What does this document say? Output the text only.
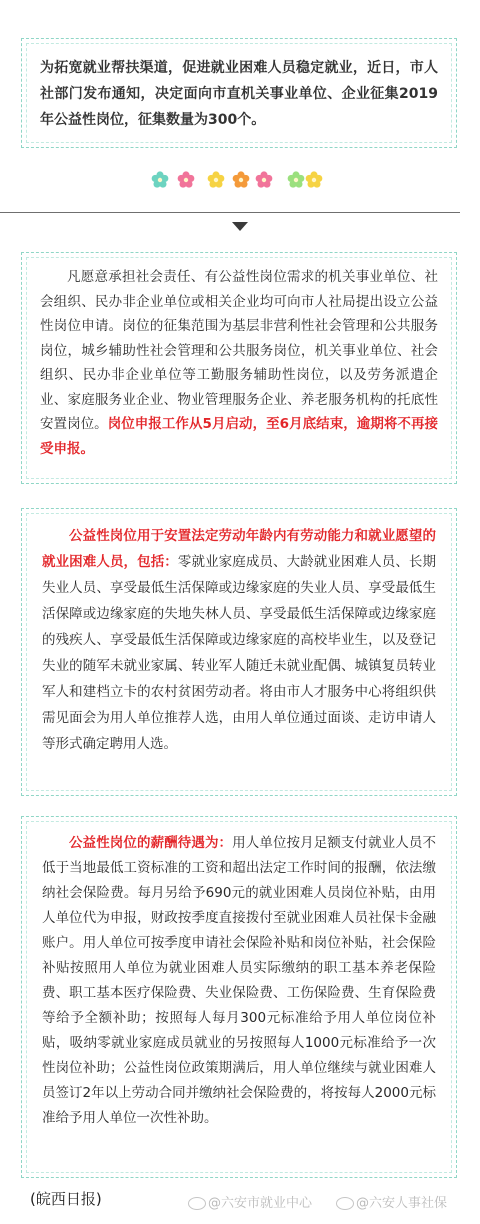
为拓宽就业帮扶渠道，促进就业困难人员稳定就业，近日，市人社部门发布通知，决定面向市直机关事业单位、企业征集2019年公益性岗位，征集数量为300个。

凡愿意承担社会责任、有公益性岗位需求的机关事业单位、社会组织、民办非企业单位或相关企业均可向市人社局提出设立公益性岗位申请。岗位的征集范围为基层非营利性社会管理和公共服务岗位，城乡辅助性社会管理和公共服务岗位，机关事业单位、社会组织、民办非企业单位等工勤服务辅助性岗位，以及劳务派遣企业、家庭服务业企业、物业管理服务企业、养老服务机构的托底性安置岗位。岗位申报工作从5月启动，至6月底结束，逾期将不再接受申报。

公益性岗位用于安置法定劳动年龄内有劳动能力和就业愿望的就业困难人员，包括：零就业家庭成员、大龄就业困难人员、长期失业人员、享受最低生活保障或边缘家庭的失业人员、享受最低生活保障或边缘家庭的失地失林人员、享受最低生活保障或边缘家庭的残疾人、享受最低生活保障或边缘家庭的高校毕业生，以及登记失业的随军未就业家属、转业军人随迁未就业配偶、城镇复员转业军人和建档立卡的农村贫困劳动者。将由市人才服务中心将组织供需见面会为用人单位推荐人选，由用人单位通过面谈、走访申请人等形式确定聘用人选。

公益性岗位的薪酬待遇为：用人单位按月足额支付就业人员不低于当地最低工资标准的工资和超出法定工作时间的报酬，依法缴纳社会保险费。每月另给予690元的就业困难人员岗位补贴，由用人单位代为申报，财政按季度直接拨付至就业困难人员社保卡金融账户。用人单位可按季度申请社会保险补贴和岗位补贴，社会保险补贴按照用人单位为就业困难人员实际缴纳的职工基本养老保险费、职工基本医疗保险费、失业保险费、工伤保险费、生育保险费等给予全额补助；按照每人每月300元标准给予用人单位岗位补贴，吸纳零就业家庭成员就业的另按照每人1000元标准给予一次性岗位补助；公益性岗位政策期满后，用人单位继续与就业困难人员签订2年以上劳动合同并缴纳社会保险费的，将按每人2000元标准给予用人单位一次性补助。

(皖西日报)	@六安市就业中心	@六安人事社保
